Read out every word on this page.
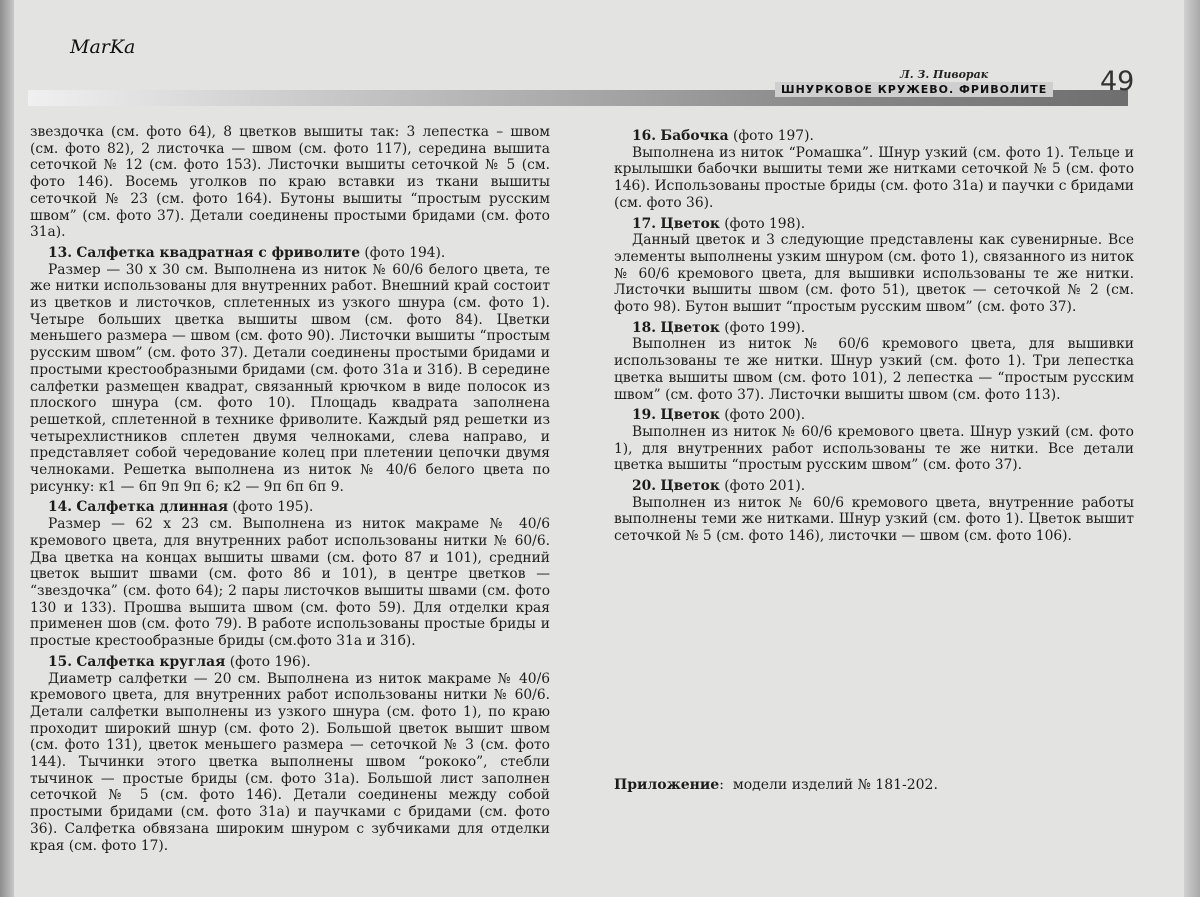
MarKa
Л. З. Пиворак
ШНУРКОВОЕ КРУЖЕВО. ФРИВОЛИТЕ 49

звездочка (см. фото 64), 8 цветков вышиты так: 3 лепестка – швом (см. фото 82), 2 листочка — швом (см. фото 117), середина вышита сеточкой № 12 (см. фото 153). Листочки вышиты сеточкой № 5 (см. фото 146). Восемь уголков по краю вставки из ткани вышиты сеточкой № 23 (см. фото 164). Бутоны вышиты “простым русским швом” (см. фото 37). Детали соединены простыми бридами (см. фото 31а).

13. Салфетка квадратная с фриволите (фото 194).

Размер — 30 х 30 см. Выполнена из ниток № 60/6 белого цвета, те же нитки использованы для внутренних работ. Внешний край состоит из цветков и листочков, сплетенных из узкого шнура (см. фото 1). Четыре больших цветка вышиты швом (см. фото 84). Цветки меньшего размера — швом (см. фото 90). Листочки вышиты “простым русским швом” (см. фото 37). Детали соединены простыми бридами и простыми крестообразными бридами (см. фото 31а и 31б). В середине салфетки размещен квадрат, связанный крючком в виде полосок из плоского шнура (см. фото 10). Площадь квадрата заполнена решеткой, сплетенной в технике фриволите. Каждый ряд решетки из четырехлистников сплетен двумя челноками, слева направо, и представляет собой чередование колец при плетении цепочки двумя челноками. Решетка выполнена из ниток № 40/6 белого цвета по рисунку: к1 — 6п 9п 9п 6; к2 — 9п 6п 6п 9.

14. Салфетка длинная (фото 195).

Размер — 62 х 23 см. Выполнена из ниток макраме № 40/6 кремового цвета, для внутренних работ использованы нитки № 60/6. Два цветка на концах вышиты швами (см. фото 87 и 101), средний цветок вышит швами (см. фото 86 и 101), в центре цветков — “звездочка” (см. фото 64); 2 пары листочков вышиты швами (см. фото 130 и 133). Прошва вышита швом (см. фото 59). Для отделки края применен шов (см. фото 79). В работе использованы простые бриды и простые крестообразные бриды (см.фото 31а и 31б).

15. Салфетка круглая (фото 196).

Диаметр салфетки — 20 см. Выполнена из ниток макраме № 40/6 кремового цвета, для внутренних работ использованы нитки № 60/6. Детали салфетки выполнены из узкого шнура (см. фото 1), по краю проходит широкий шнур (см. фото 2). Большой цветок вышит швом (см. фото 131), цветок меньшего размера — сеточкой № 3 (см. фото 144). Тычинки этого цветка выполнены швом “рококо”, стебли тычинок — простые бриды (см. фото 31а). Большой лист заполнен сеточкой № 5 (см. фото 146). Детали соединены между собой простыми бридами (см. фото 31а) и паучками с бридами (см. фото 36). Салфетка обвязана широким шнуром с зубчиками для отделки края (см. фото 17).

16. Бабочка (фото 197).

Выполнена из ниток “Ромашка”. Шнур узкий (см. фото 1). Тельце и крылышки бабочки вышиты теми же нитками сеточкой № 5 (см. фото 146). Использованы простые бриды (см. фото 31а) и паучки с бридами (см. фото 36).

17. Цветок (фото 198).

Данный цветок и 3 следующие представлены как сувенирные. Все элементы выполнены узким шнуром (см. фото 1), связанного из ниток № 60/6 кремового цвета, для вышивки использованы те же нитки. Листочки вышиты швом (см. фото 51), цветок — сеточкой № 2 (см. фото 98). Бутон вышит “простым русским швом” (см. фото 37).

18. Цветок (фото 199).

Выполнен из ниток № 60/6 кремового цвета, для вышивки использованы те же нитки. Шнур узкий (см. фото 1). Три лепестка цветка вышиты швом (см. фото 101), 2 лепестка — “простым русским швом” (см. фото 37). Листочки вышиты швом (см. фото 113).

19. Цветок (фото 200).

Выполнен из ниток № 60/6 кремового цвета. Шнур узкий (см. фото 1), для внутренних работ использованы те же нитки. Все детали цветка вышиты “простым русским швом” (см. фото 37).

20. Цветок (фото 201).

Выполнен из ниток № 60/6 кремового цвета, внутренние работы выполнены теми же нитками. Шнур узкий (см. фото 1). Цветок вышит сеточкой № 5 (см. фото 146), листочки — швом (см. фото 106).

Приложение: модели изделий № 181-202.
